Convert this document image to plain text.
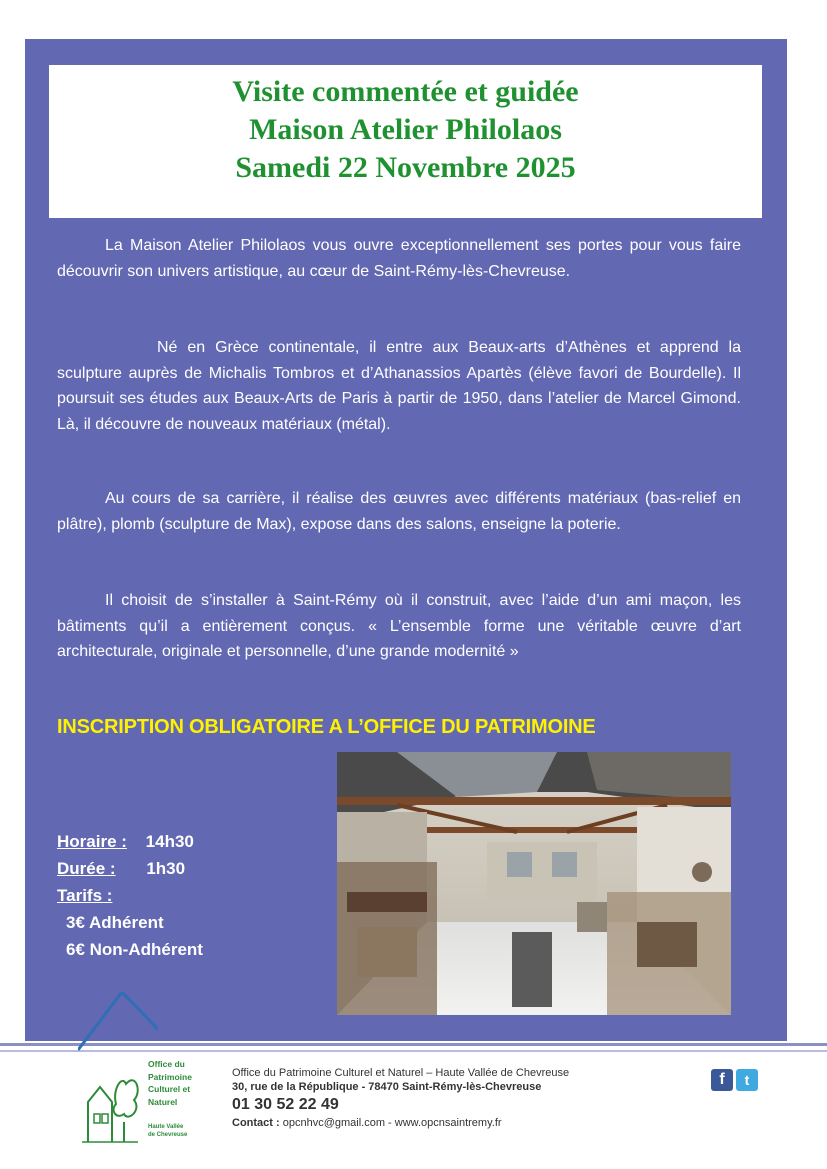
Visite commentée et guidée
Maison Atelier Philolaos
Samedi 22 Novembre 2025

La Maison Atelier Philolaos vous ouvre exceptionnellement ses portes pour vous faire découvrir son univers artistique, au cœur de Saint-Rémy-lès-Chevreuse.

Né en Grèce continentale, il entre aux Beaux-arts d’Athènes et apprend la sculpture auprès de Michalis Tombros et d’Athanassios Apartès (élève favori de Bourdelle). Il poursuit ses études aux Beaux-Arts de Paris à partir de 1950, dans l’atelier de Marcel Gimond. Là, il découvre de nouveaux matériaux (métal).

Au cours de sa carrière, il réalise des œuvres avec différents matériaux (bas-relief en plâtre), plomb (sculpture de Max), expose dans des salons, enseigne la poterie.

Il choisit de s’installer à Saint-Rémy où il construit, avec l’aide d’un ami maçon, les bâtiments qu’il a entièrement conçus. « L’ensemble forme une véritable œuvre d’art architecturale, originale et personnelle, d’une grande modernité »

INSCRIPTION OBLIGATOIRE A L’OFFICE DU PATRIMOINE
Horaire : 14h30
Durée : 1h30
Tarifs :
3€ Adhérent
6€ Non-Adhérent
Office du
Patrimoine
Culturel et
Naturel
Haute Vallée
de Chevreuse
Office du Patrimoine Culturel et Naturel – Haute Vallée de Chevreuse
30, rue de la République - 78470 Saint-Rémy-lès-Chevreuse
01 30 52 22 49
Contact : opcnhvc@gmail.com - www.opcnsaintremy.fr
f t
